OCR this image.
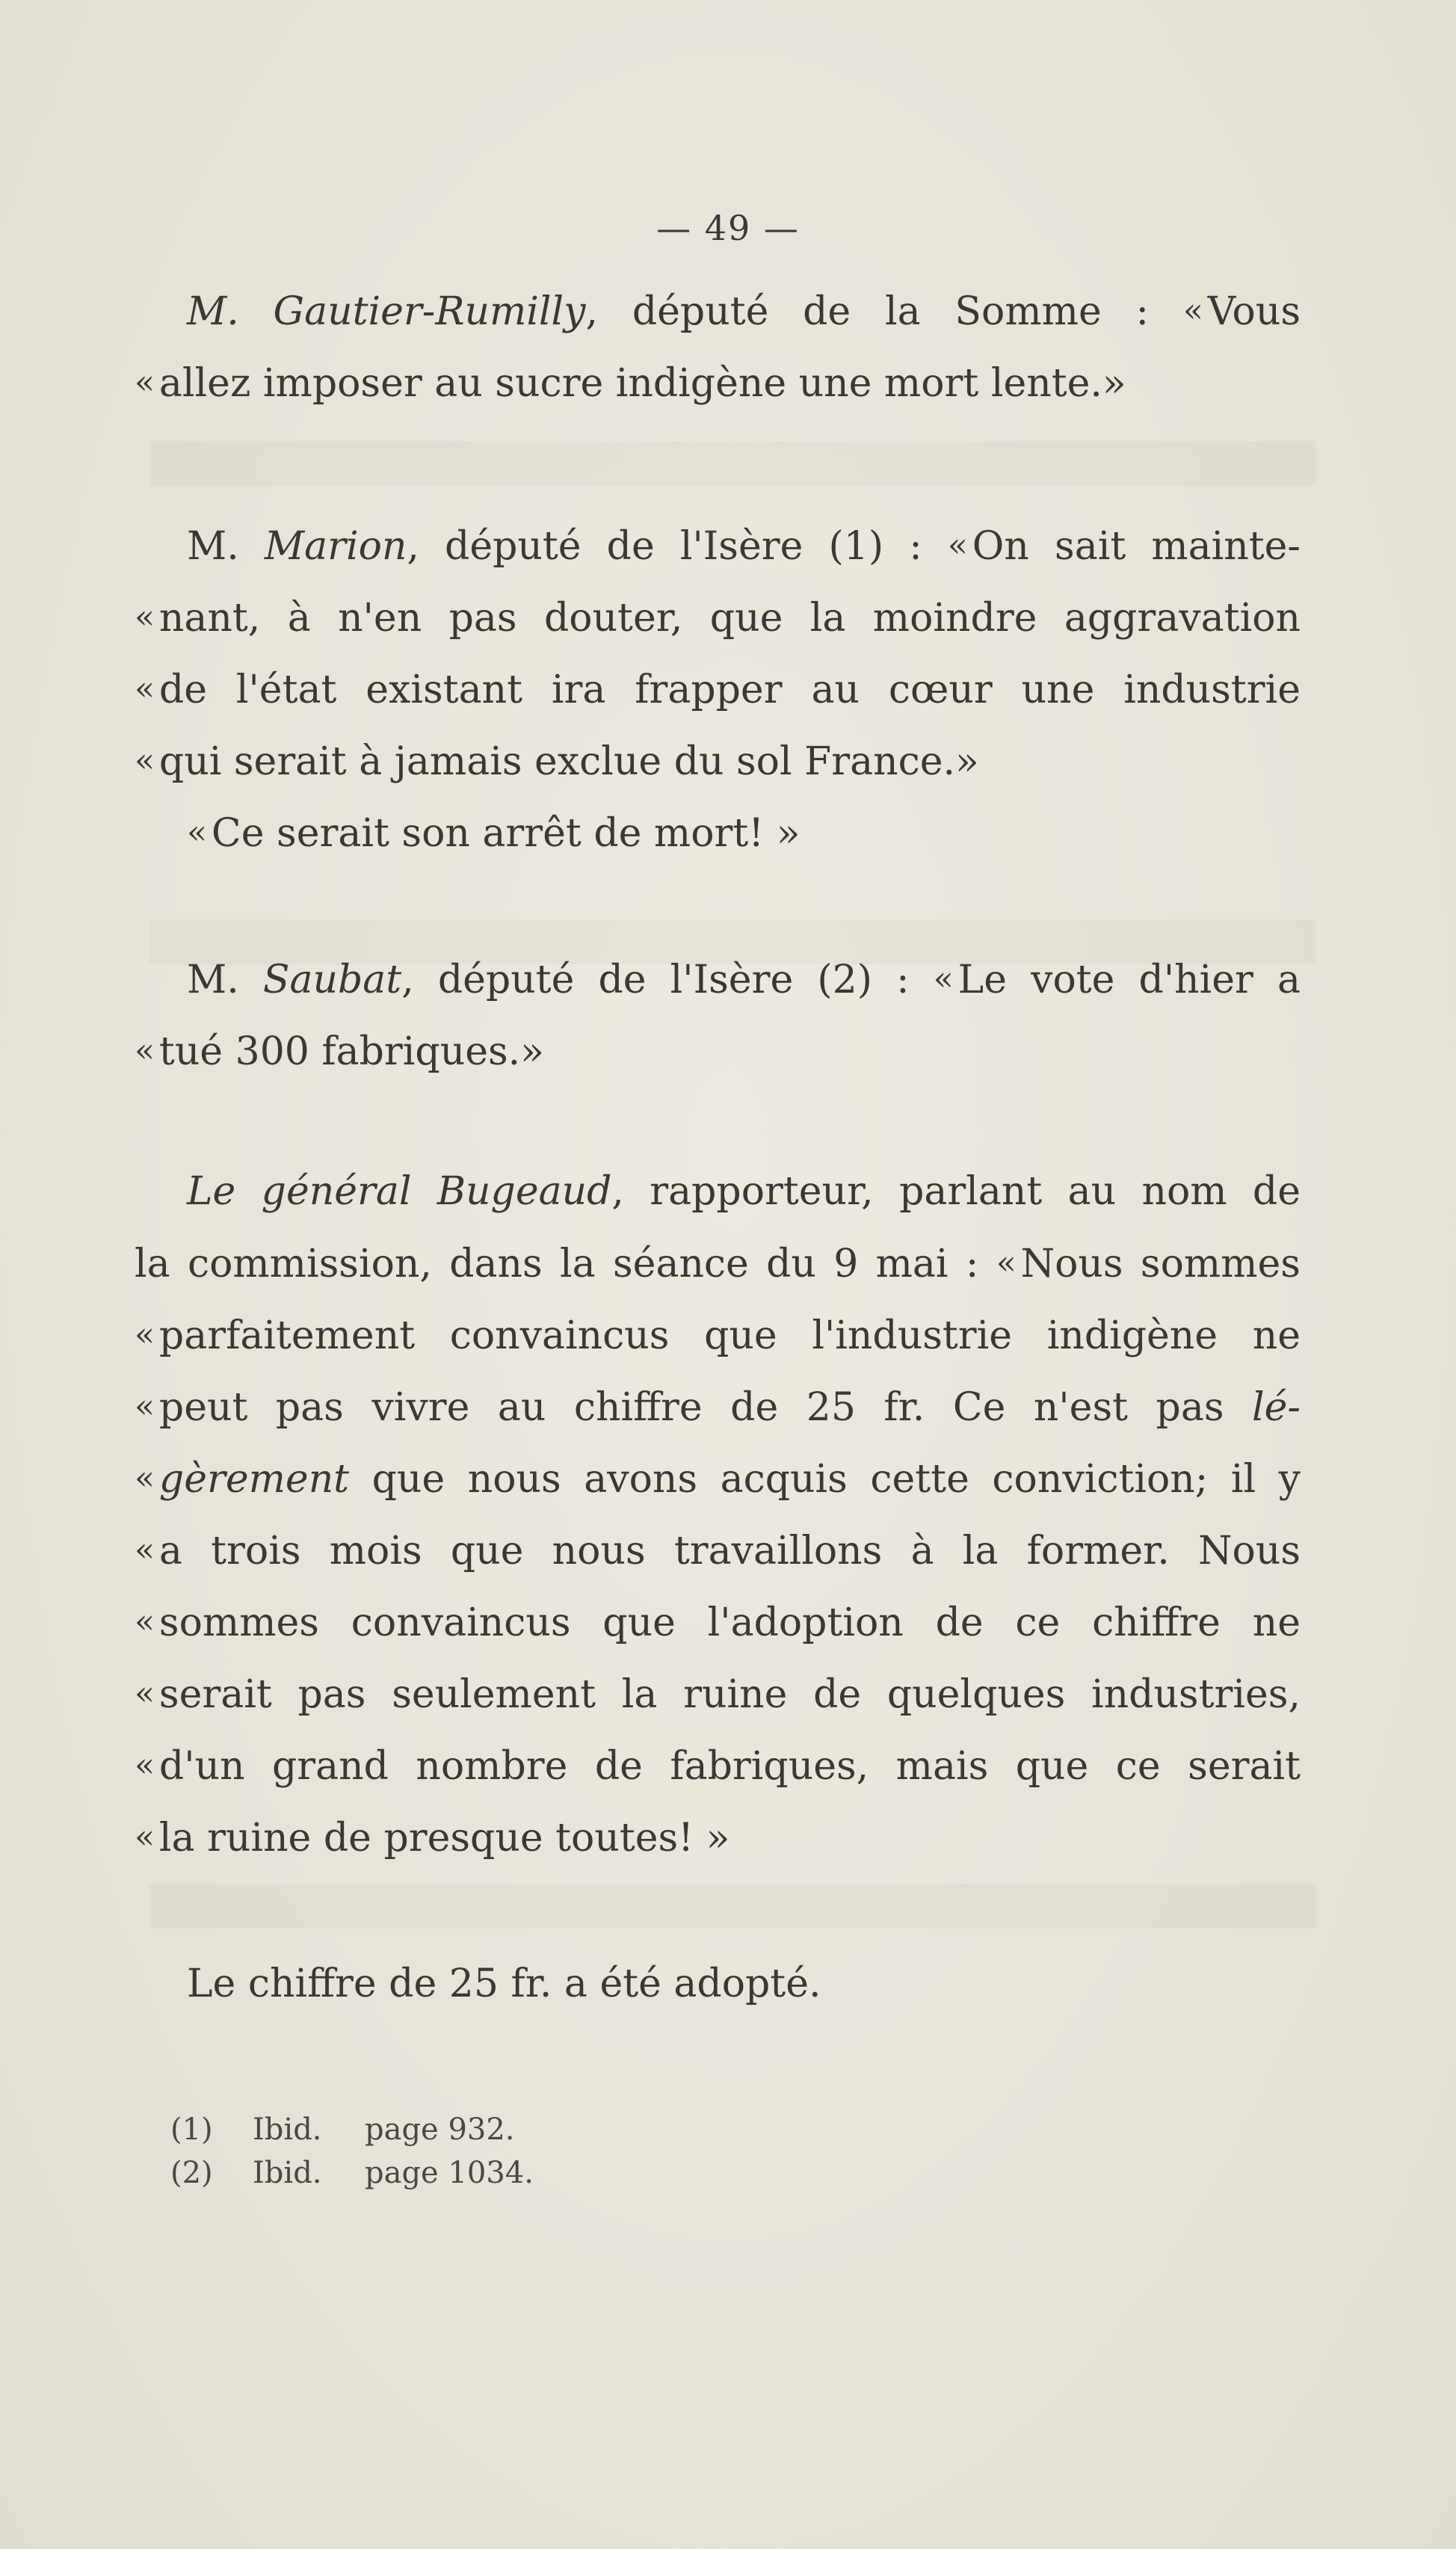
— 49 —
M. Gautier-Rumilly, député de la Somme : « Vous
« allez imposer au sucre indigène une mort lente.»
M. Marion, député de l'Isère (1) : « On sait mainte-
« nant, à n'en pas douter, que la moindre aggravation
« de l'état existant ira frapper au cœur une industrie
« qui serait à jamais exclue du sol France.»
« Ce serait son arrêt de mort! »
M. Saubat, député de l'Isère (2) : « Le vote d'hier a
« tué 300 fabriques.»
Le général Bugeaud, rapporteur, parlant au nom de
la commission, dans la séance du 9 mai : « Nous sommes
« parfaitement convaincus que l'industrie indigène ne
« peut pas vivre au chiffre de 25 fr. Ce n'est pas lé-
« gèrement que nous avons acquis cette conviction; il y
« a trois mois que nous travaillons à la former. Nous
« sommes convaincus que l'adoption de ce chiffre ne
« serait pas seulement la ruine de quelques industries,
« d'un grand nombre de fabriques, mais que ce serait
« la ruine de presque toutes! »
Le chiffre de 25 fr. a été adopté.
(1) Ibid. page 932.
(2) Ibid. page 1034.
